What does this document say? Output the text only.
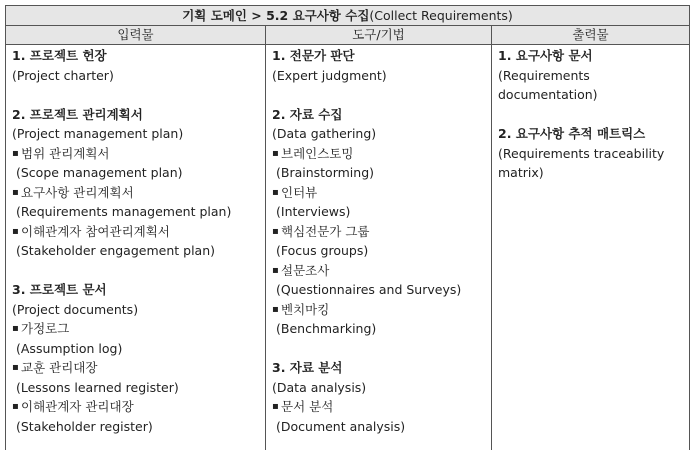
기획 도메인 > 5.2 요구사항 수집(Collect Requirements)
입력물	도구/기법	출력물
1. 프로젝트 헌장
(Project charter)
2. 프로젝트 관리계획서
(Project management plan)
▪ 범위 관리계획서
(Scope management plan)
▪ 요구사항 관리계획서
(Requirements management plan)
▪ 이해관계자 참여관리계획서
(Stakeholder engagement plan)
3. 프로젝트 문서
(Project documents)
▪ 가정로그
(Assumption log)
▪ 교훈 관리대장
(Lessons learned register)
▪ 이해관계자 관리대장
(Stakeholder register)
1. 전문가 판단
(Expert judgment)
2. 자료 수집
(Data gathering)
▪ 브레인스토밍
(Brainstorming)
▪ 인터뷰
(Interviews)
▪ 핵심전문가 그룹
(Focus groups)
▪ 설문조사
(Questionnaires and Surveys)
▪ 벤치마킹
(Benchmarking)
3. 자료 분석
(Data analysis)
▪ 문서 분석
(Document analysis)
1. 요구사항 문서
(Requirements
documentation)
2. 요구사항 추적 매트릭스
(Requirements traceability
matrix)
